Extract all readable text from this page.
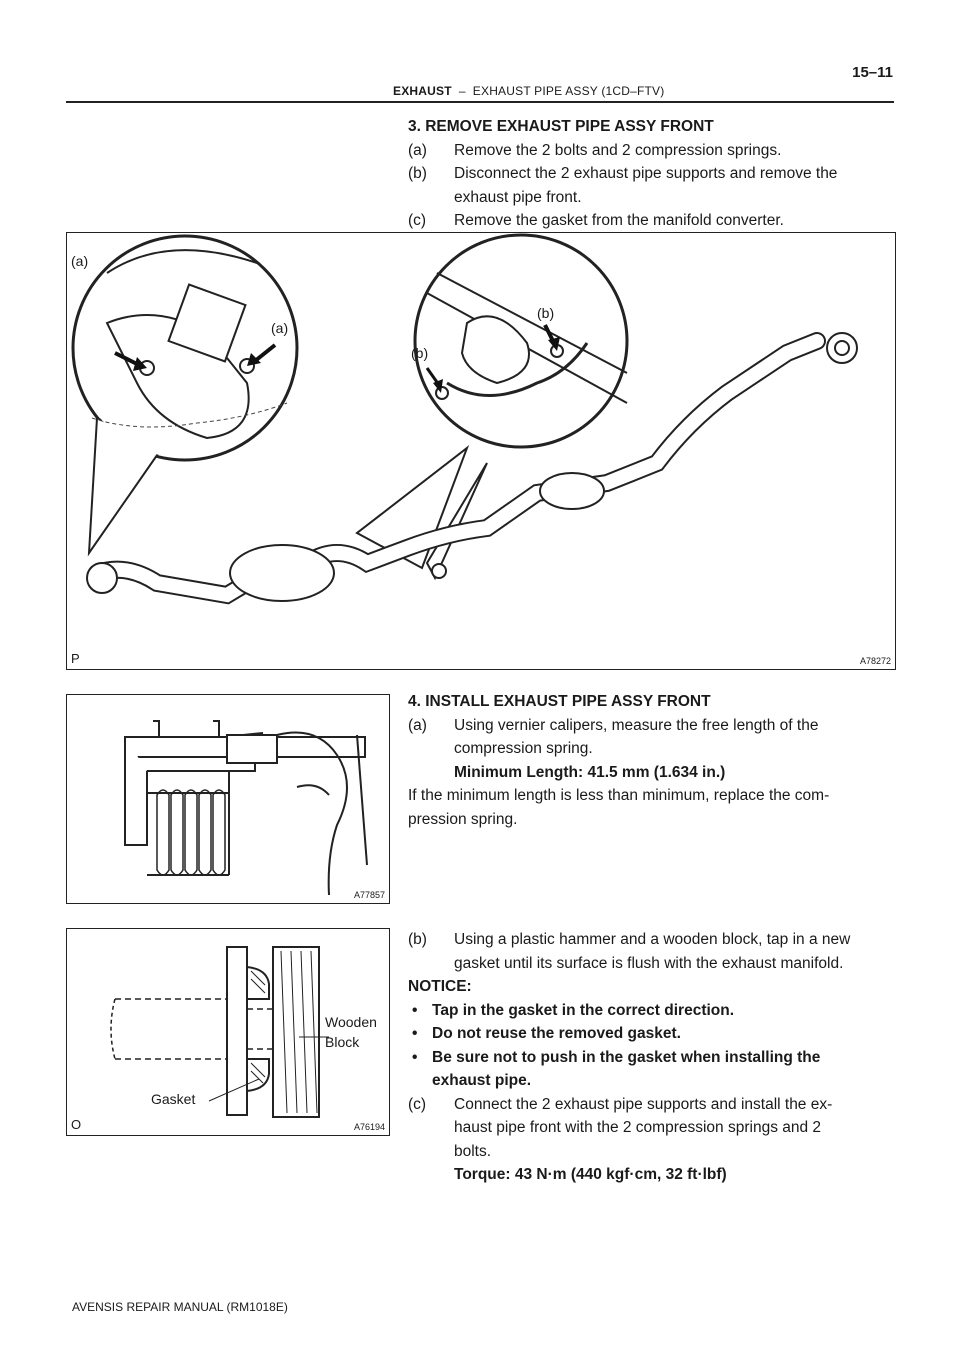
15–11
EXHAUST – EXHAUST PIPE ASSY (1CD–FTV)
3. REMOVE EXHAUST PIPE ASSY FRONT
(a) Remove the 2 bolts and 2 compression springs.
(b) Disconnect the 2 exhaust pipe supports and remove the
exhaust pipe front.
(c) Remove the gasket from the manifold converter.
(a)
(a)
(b)
(b)
P	A78272
4. INSTALL EXHAUST PIPE ASSY FRONT
(a) Using vernier calipers, measure the free length of the
compression spring.
Minimum Length: 41.5 mm (1.634 in.)
If the minimum length is less than minimum, replace the com-
pression spring.
A77857
(b) Using a plastic hammer and a wooden block, tap in a new
gasket until its surface is flush with the exhaust manifold.
NOTICE:
• Tap in the gasket in the correct direction.
• Do not reuse the removed gasket.
• Be sure not to push in the gasket when installing the
exhaust pipe.
(c) Connect the 2 exhaust pipe supports and install the ex-
haust pipe front with the 2 compression springs and 2
bolts.
Torque: 43 N·m (440 kgf·cm, 32 ft·lbf)
Wooden
Block
Gasket
O	A76194
AVENSIS REPAIR MANUAL (RM1018E)
